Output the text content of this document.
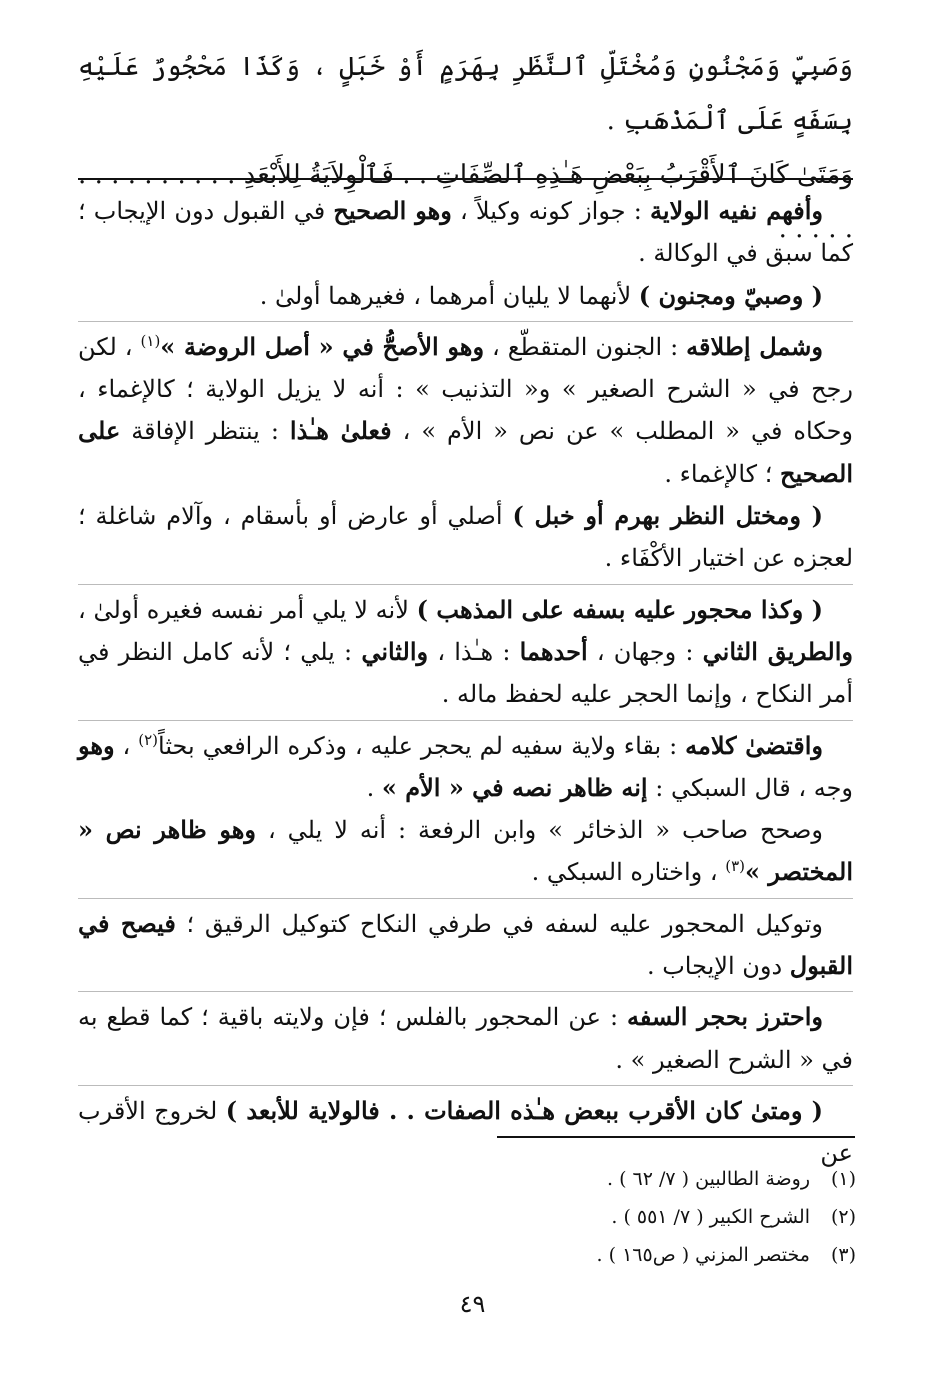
وَصَبِيٍّ وَمَجْنُونٍ وَمُخْتَلِّ ٱلنَّظَرِ بِهَرَمٍ أَوْ خَبَلٍ ، وَكَذَا مَحْجُورٌ عَلَيْهِ بِسَفَهٍ عَلَى ٱلْمَذْهَبِ .

وَمَتَىٰ كَانَ ٱلأَقْرَبُ بِبَعْضِ هَـٰذِهِ ٱلصِّفَاتِ . . فَٱلْوِلاَيَةُ لِلأَبْعَدِ . . . . . . . . . . . . . . .

وأفهم نفيه الولاية : جواز كونه وكيلاً ، وهو الصحيح في القبول دون الإيجاب ؛ كما سبق في الوكالة .

( وصبيّ ومجنون ) لأنهما لا يليان أمرهما ، فغيرهما أولىٰ .

وشمل إطلاقه : الجنون المتقطّع ، وهو الأصحُّ في « أصل الروضة »$^{(١)}$ ، لكن رجح في « الشرح الصغير » و« التذنيب » : أنه لا يزيل الولاية ؛ كالإغماء ، وحكاه في « المطلب » عن نص « الأم » ، فعلىٰ هـٰذا : ينتظر الإفاقة على الصحيح ؛ كالإغماء .

( ومختل النظر بهرم أو خبل ) أصلي أو عارض أو بأسقام ، وآلام شاغلة ؛ لعجزه عن اختيار الأكْفَاء .

( وكذا محجور عليه بسفه على المذهب ) لأنه لا يلي أمر نفسه فغيره أولىٰ ، والطريق الثاني : وجهان ، أحدهما : هـٰذا ، والثاني : يلي ؛ لأنه كامل النظر في أمر النكاح ، وإنما الحجر عليه لحفظ ماله .

واقتضىٰ كلامه : بقاء ولاية سفيه لم يحجر عليه ، وذكره الرافعي بحثاً$^{(٢)}$ ، وهو وجه ، قال السبكي : إنه ظاهر نصه في « الأم » .

وصحح صاحب « الذخائر » وابن الرفعة : أنه لا يلي ، وهو ظاهر نص « المختصر »$^{(٣)}$ ، واختاره السبكي .

وتوكيل المحجور عليه لسفه في طرفي النكاح كتوكيل الرقيق ؛ فيصح في القبول دون الإيجاب .

واحترز بحجر السفه : عن المحجور بالفلس ؛ فإن ولايته باقية ؛ كما قطع به في « الشرح الصغير » .

( ومتىٰ كان الأقرب ببعض هـٰذه الصفات . . فالولاية للأبعد ) لخروج الأقرب عن

(١)روضة الطالبين ( ٧/ ٦٢ ) .

(٢)الشرح الكبير ( ٧/ ٥٥١ ) .

(٣)مختصر المزني ( ص١٦٥ ) .

٤٩
